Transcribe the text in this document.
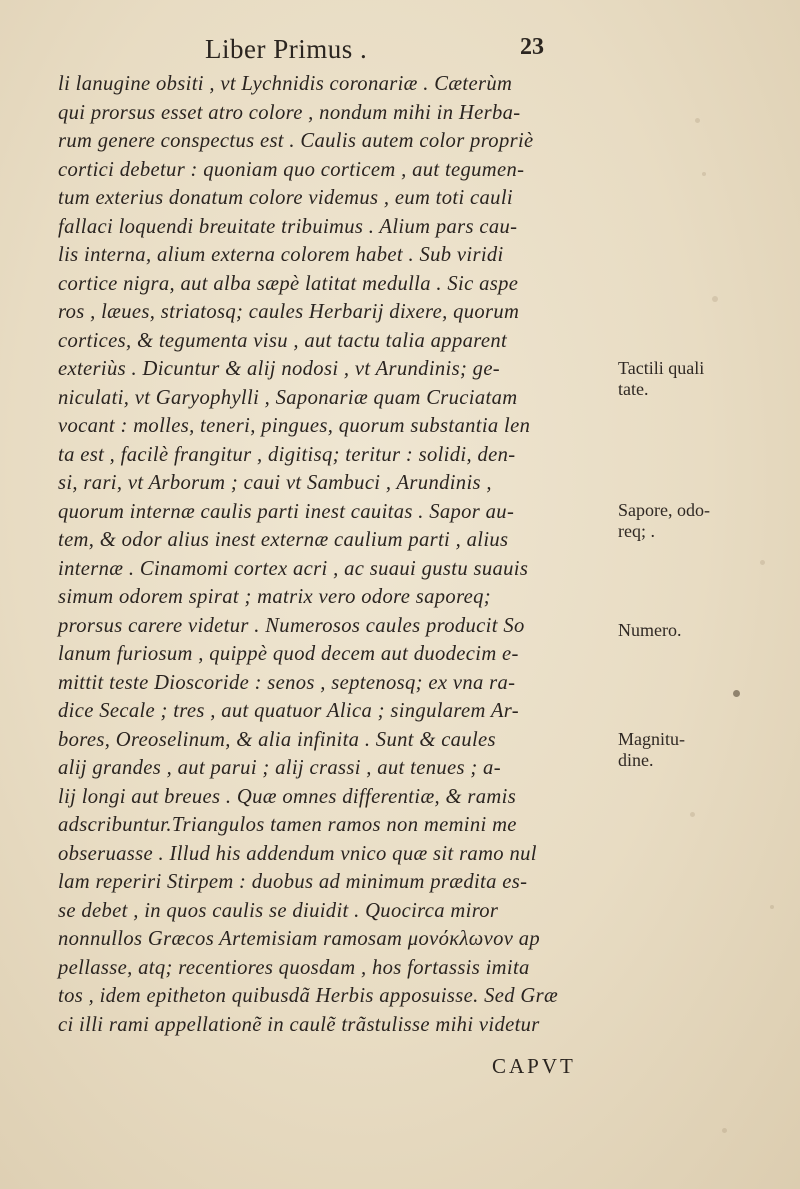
Liber Primus .	23
li lanugine obsiti , vt Lychnidis coronariæ . Cæterùm
qui prorsus esset atro colore , nondum mihi in Herba-
rum genere conspectus est . Caulis autem color propriè
cortici debetur : quoniam quo corticem , aut tegumen-
tum exterius donatum colore videmus , eum toti cauli
fallaci loquendi breuitate tribuimus . Alium pars cau-
lis interna, alium externa colorem habet . Sub viridi
cortice nigra, aut alba sæpè latitat medulla . Sic aspe
ros , læues, striatosq; caules Herbarij dixere, quorum
cortices, & tegumenta visu , aut tactu talia apparent
exteriùs . Dicuntur & alij nodosi , vt Arundinis; ge-
niculati, vt Garyophylli , Saponariæ quam Cruciatam
vocant : molles, teneri, pingues, quorum substantia len
ta est , facilè frangitur , digitisq; teritur : solidi, den-
si, rari, vt Arborum ; caui vt Sambuci , Arundinis ,
quorum internæ caulis parti inest cauitas . Sapor au-
tem, & odor alius inest externæ caulium parti , alius
internæ . Cinamomi cortex acri , ac suaui gustu suauis
simum odorem spirat ; matrix vero odore saporeq;
prorsus carere videtur . Numerosos caules producit So
lanum furiosum , quippè quod decem aut duodecim e-
mittit teste Dioscoride : senos , septenosq; ex vna ra-
dice Secale ; tres , aut quatuor Alica ; singularem Ar-
bores, Oreoselinum, & alia infinita . Sunt & caules
alij grandes , aut parui ; alij crassi , aut tenues ; a-
lij longi aut breues . Quæ omnes differentiæ, & ramis
adscribuntur.Triangulos tamen ramos non memini me
obseruasse . Illud his addendum vnico quæ sit ramo nul
lam reperiri Stirpem : duobus ad minimum prædita es-
se debet , in quos caulis se diuidit . Quocirca miror
nonnullos Græcos Artemisiam ramosam μονόκλωνον ap
pellasse, atq; recentiores quosdam , hos fortassis imita
tos , idem epitheton quibusdã Herbis apposuisse. Sed Græ
ci illi rami appellationẽ in caulẽ trãstulisse mihi videtur
Tactili quali
tate.
Sapore, odo-
req; .
Numero.
Magnitu-
dine.
CAPVT
